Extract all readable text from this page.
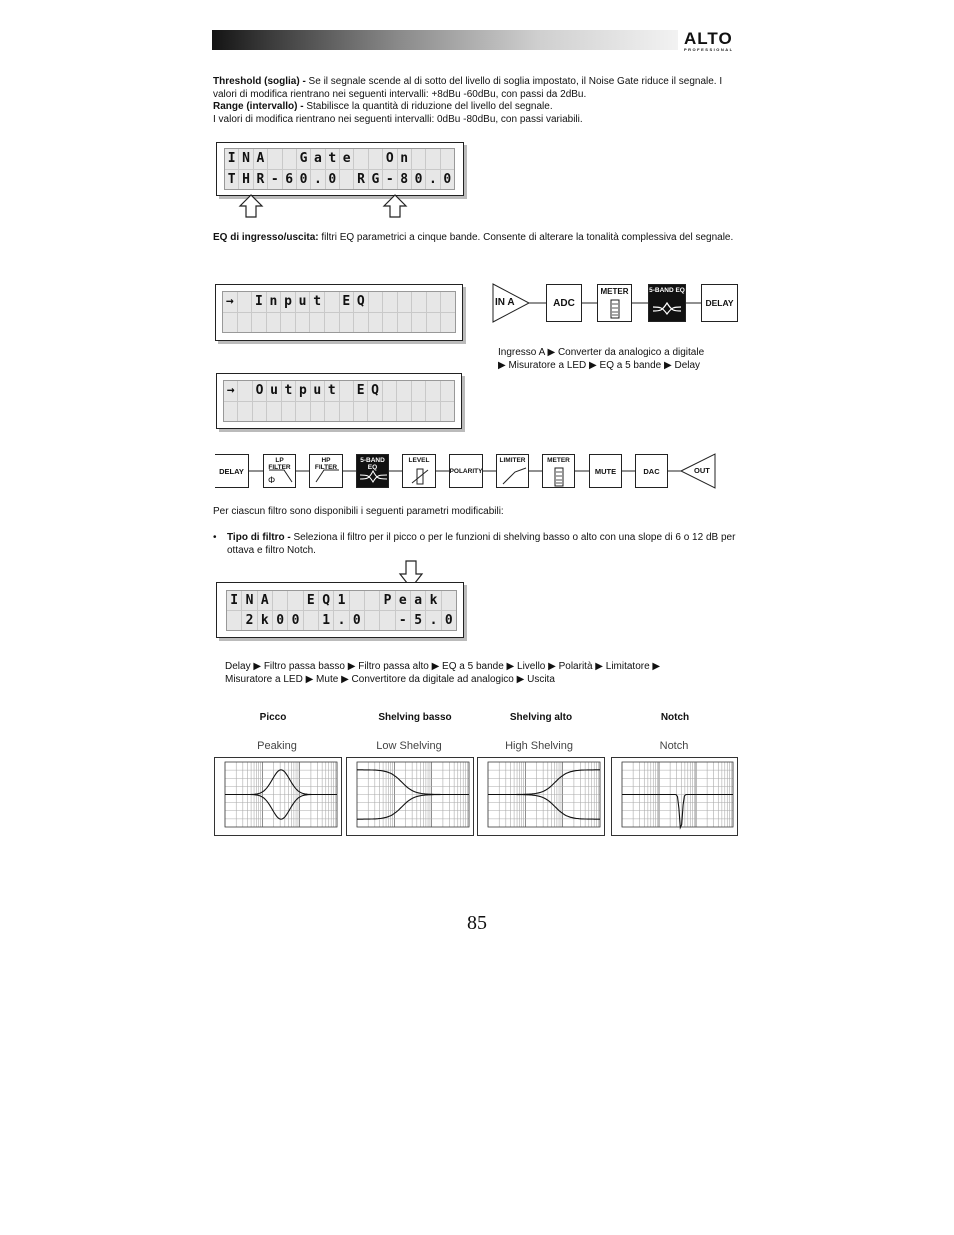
ALTO
PROFESSIONAL
Threshold (soglia) - Se il segnale scende al di sotto del livello di soglia impostato, il Noise Gate riduce il segnale. I valori di modifica rientrano nei seguenti intervalli: +8dBu -60dBu, con passi da 2dBu.
Range (intervallo) - Stabilisce la quantità di riduzione del livello del segnale.
I valori di modifica rientrano nei seguenti intervalli: 0dBu -80dBu, con passi variabili.
I N A	G a t e	O n
T H R - 6 0 . 0 R G - 8 0 . 0
EQ di ingresso/uscita: filtri EQ parametrici a cinque bande. Consente di alterare la tonalità complessiva del segnale.
→ I n p u t E Q
→ O u t p u t E Q
IN A	ADC
METER	5-BAND EQ
DELAY
Ingresso A ▶ Converter da analogico a digitale
▶ Misuratore a LED ▶ EQ a 5 bande ▶ Delay
DELAY
LP FILTER
Φ
HP FILTER
5-BAND EQ
LEVEL
POLARITY
LIMITER	METER
MUTE	DAC	OUT
Per ciascun filtro sono disponibili i seguenti parametri modificabili:
• Tipo di filtro - Seleziona il filtro per il picco o per le funzioni di shelving basso o alto con una slope di 6 o 12 dB per ottava e filtro Notch.
I N A	E Q 1	P e a k
2 k 0 0 1 . 0	- 5 . 0
Delay ▶ Filtro passa basso ▶ Filtro passa alto ▶ EQ a 5 bande ▶ Livello ▶ Polarità ▶ Limitatore ▶
Misuratore a LED ▶ Mute ▶ Convertitore da digitale ad analogico ▶ Uscita
Picco	Shelving basso	Shelving alto	Notch
Peaking	Low Shelving	High Shelving	Notch
85
